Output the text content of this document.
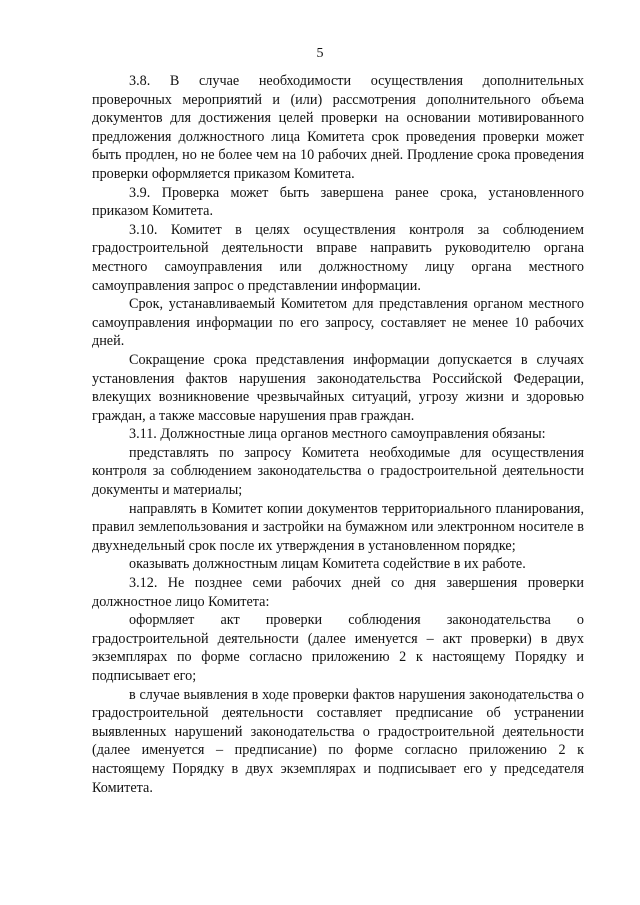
5

3.8. В случае необходимости осуществления дополнительных проверочных мероприятий и (или) рассмотрения дополнительного объема документов для достижения целей проверки на основании мотивированного предложения должностного лица Комитета срок проведения проверки может быть продлен, но не более чем на 10 рабочих дней. Продление срока проведения проверки оформляется приказом Комитета.

3.9. Проверка может быть завершена ранее срока, установленного приказом Комитета.

3.10. Комитет в целях осуществления контроля за соблюдением градостроительной деятельности вправе направить руководителю органа местного самоуправления или должностному лицу органа местного самоуправления запрос о представлении информации.

Срок, устанавливаемый Комитетом для представления органом местного самоуправления информации по его запросу, составляет не менее 10 рабочих дней.

Сокращение срока представления информации допускается в случаях установления фактов нарушения законодательства Российской Федерации, влекущих возникновение чрезвычайных ситуаций, угрозу жизни и здоровью граждан, а также массовые нарушения прав граждан.

3.11. Должностные лица органов местного самоуправления обязаны:

представлять по запросу Комитета необходимые для осуществления контроля за соблюдением законодательства о градостроительной деятельности документы и материалы;

направлять в Комитет копии документов территориального планирования, правил землепользования и застройки на бумажном или электронном носителе в двухнедельный срок после их утверждения в установленном порядке;

оказывать должностным лицам Комитета содействие в их работе.

3.12. Не позднее семи рабочих дней со дня завершения проверки должностное лицо Комитета:

оформляет акт проверки соблюдения законодательства о градостроительной деятельности (далее именуется – акт проверки) в двух экземплярах по форме согласно приложению 2 к настоящему Порядку и подписывает его;

в случае выявления в ходе проверки фактов нарушения законодательства о градостроительной деятельности составляет предписание об устранении выявленных нарушений законодательства о градостроительной деятельности (далее именуется – предписание) по форме согласно приложению 2 к настоящему Порядку в двух экземплярах и подписывает его у председателя Комитета.
